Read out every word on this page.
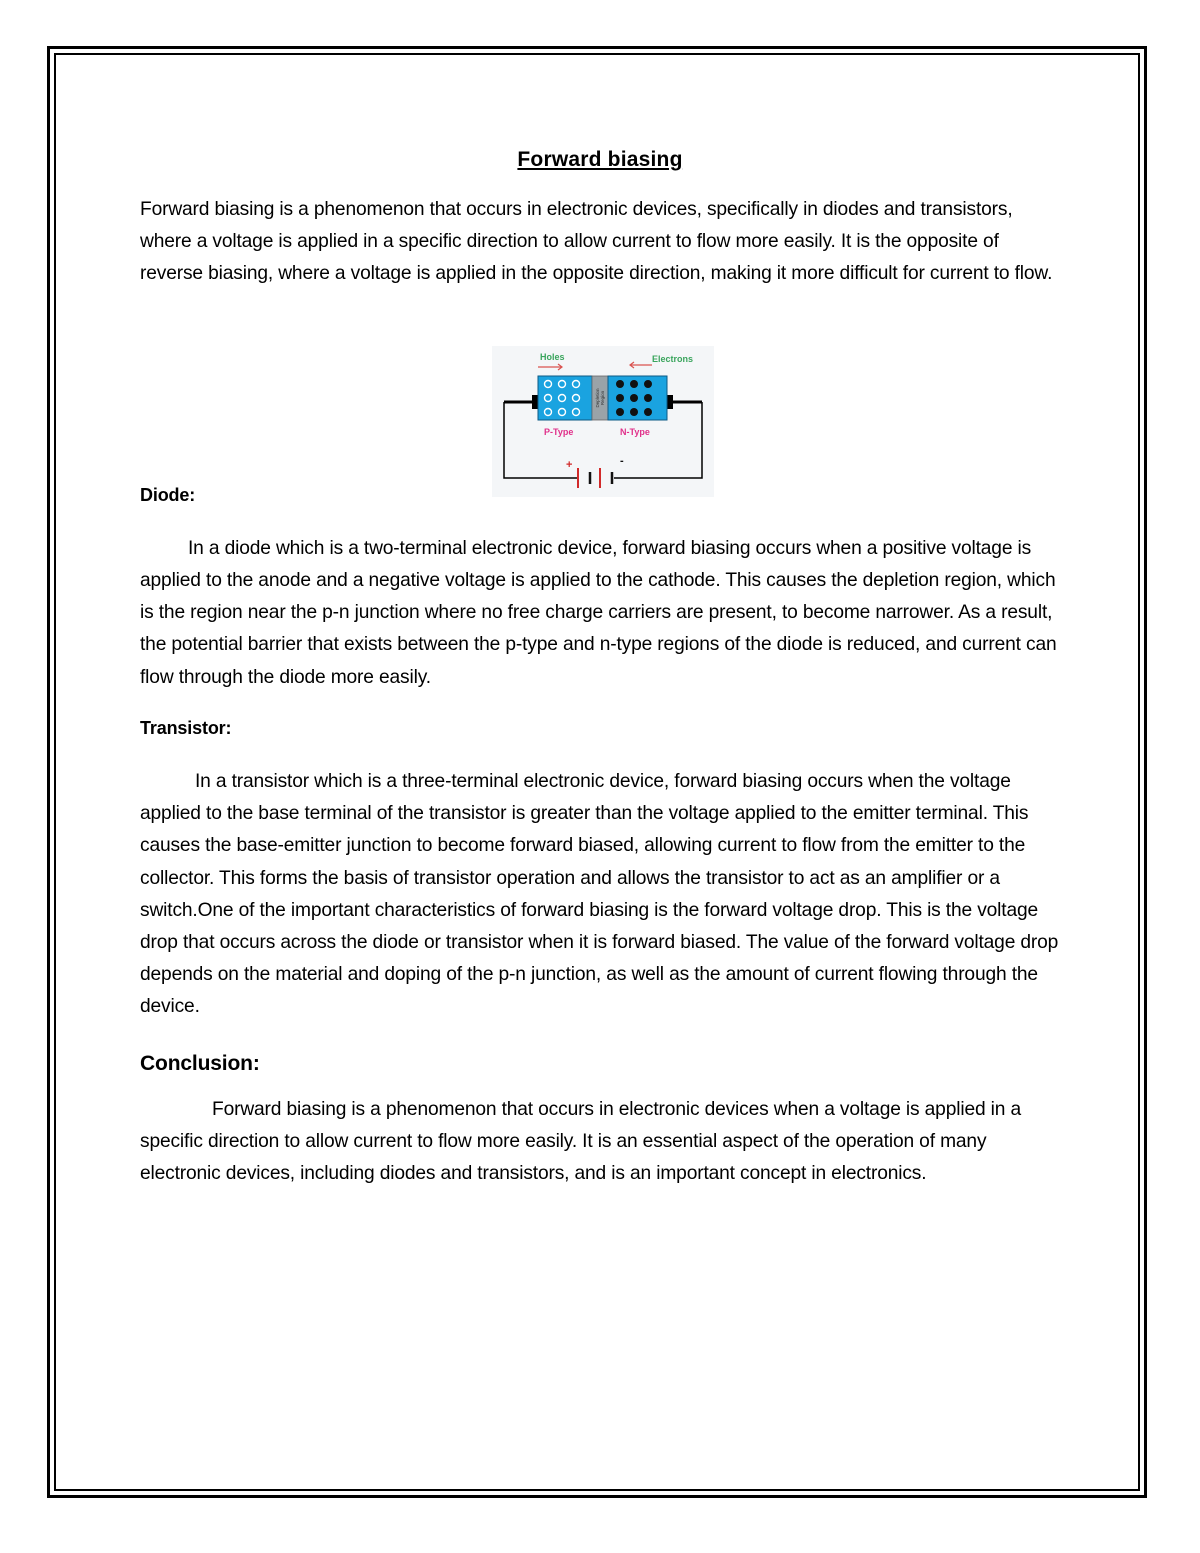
Forward biasing

Forward biasing is a phenomenon that occurs in electronic devices, specifically in diodes and transistors, where a voltage is applied in a specific direction to allow current to flow more easily. It is the opposite of reverse biasing, where a voltage is applied in the opposite direction, making it more difficult for current to flow.

Diode:

In a diode which is a two-terminal electronic device, forward biasing occurs when a positive voltage is applied to the anode and a negative voltage is applied to the cathode. This causes the depletion region, which is the region near the p-n junction where no free charge carriers are present, to become narrower. As a result, the potential barrier that exists between the p-type and n-type regions of the diode is reduced, and current can flow through the diode more easily.

Transistor:

In a transistor which is a three-terminal electronic device, forward biasing occurs when the voltage applied to the base terminal of the transistor is greater than the voltage applied to the emitter terminal. This causes the base-emitter junction to become forward biased, allowing current to flow from the emitter to the collector. This forms the basis of transistor operation and allows the transistor to act as an amplifier or a switch.One of the important characteristics of forward biasing is the forward voltage drop. This is the voltage drop that occurs across the diode or transistor when it is forward biased. The value of the forward voltage drop depends on the material and doping of the p-n junction, as well as the amount of current flowing through the device.

Conclusion:

Forward biasing is a phenomenon that occurs in electronic devices when a voltage is applied in a specific direction to allow current to flow more easily. It is an essential aspect of the operation of many electronic devices, including diodes and transistors, and is an important concept in electronics.

Holes	Electrons
Depletion Region
P-Type	N-Type
+	-
